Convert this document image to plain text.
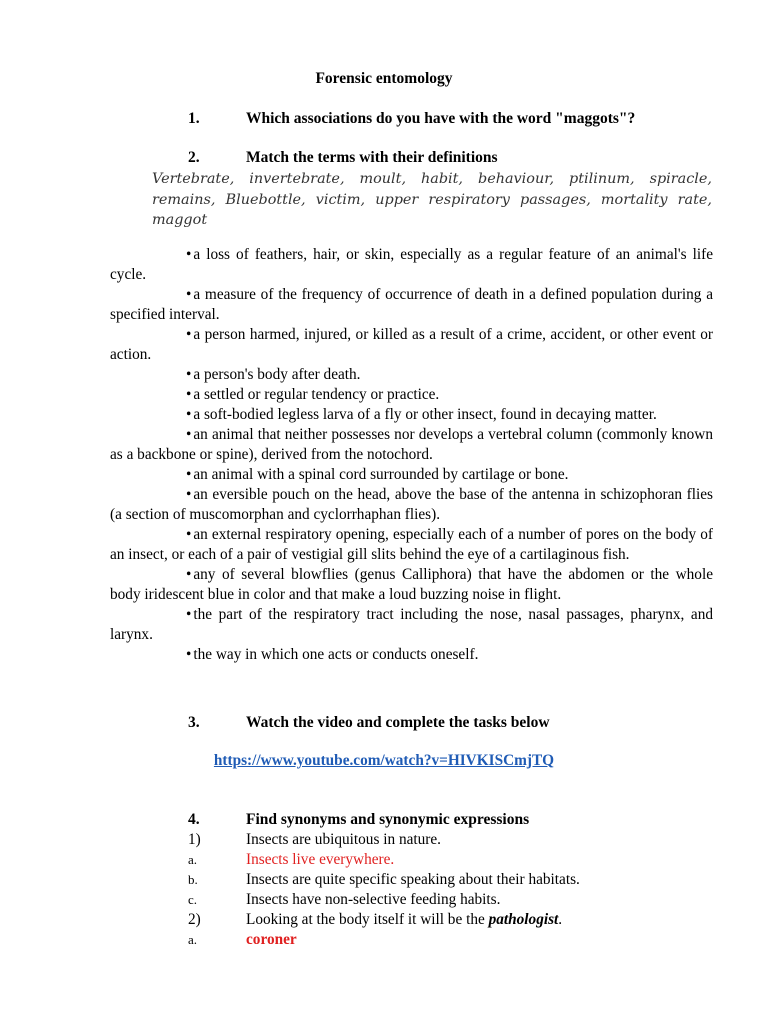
Forensic entomology
1.	Which associations do you have with the word "maggots"?
2.	Match the terms with their definitions
Vertebrate, invertebrate, moult, habit, behaviour, ptilinum, spiracle, remains, Bluebottle, victim, upper respiratory passages, mortality rate, maggot
• a loss of feathers, hair, or skin, especially as a regular feature of an animal's life cycle.
• a measure of the frequency of occurrence of death in a defined population during a specified interval.
• a person harmed, injured, or killed as a result of a crime, accident, or other event or action.
• a person's body after death.
• a settled or regular tendency or practice.
• a soft-bodied legless larva of a fly or other insect, found in decaying matter.
• an animal that neither possesses nor develops a vertebral column (commonly known as a backbone or spine), derived from the notochord.
• an animal with a spinal cord surrounded by cartilage or bone.
• an eversible pouch on the head, above the base of the antenna in schizophoran flies (a section of muscomorphan and cyclorrhaphan flies).
• an external respiratory opening, especially each of a number of pores on the body of an insect, or each of a pair of vestigial gill slits behind the eye of a cartilaginous fish.
• any of several blowflies (genus Calliphora) that have the abdomen or the whole body iridescent blue in color and that make a loud buzzing noise in flight.
• the part of the respiratory tract including the nose, nasal passages, pharynx, and larynx.
• the way in which one acts or conducts oneself.
3.	Watch the video and complete the tasks below
https://www.youtube.com/watch?v=HIVKISCmjTQ
4.	Find synonyms and synonymic expressions
1)	Insects are ubiquitous in nature.
a.	Insects live everywhere.
b.	Insects are quite specific speaking about their habitats.
c.	Insects have non-selective feeding habits.
2)	Looking at the body itself it will be the pathologist.
a.	coroner
